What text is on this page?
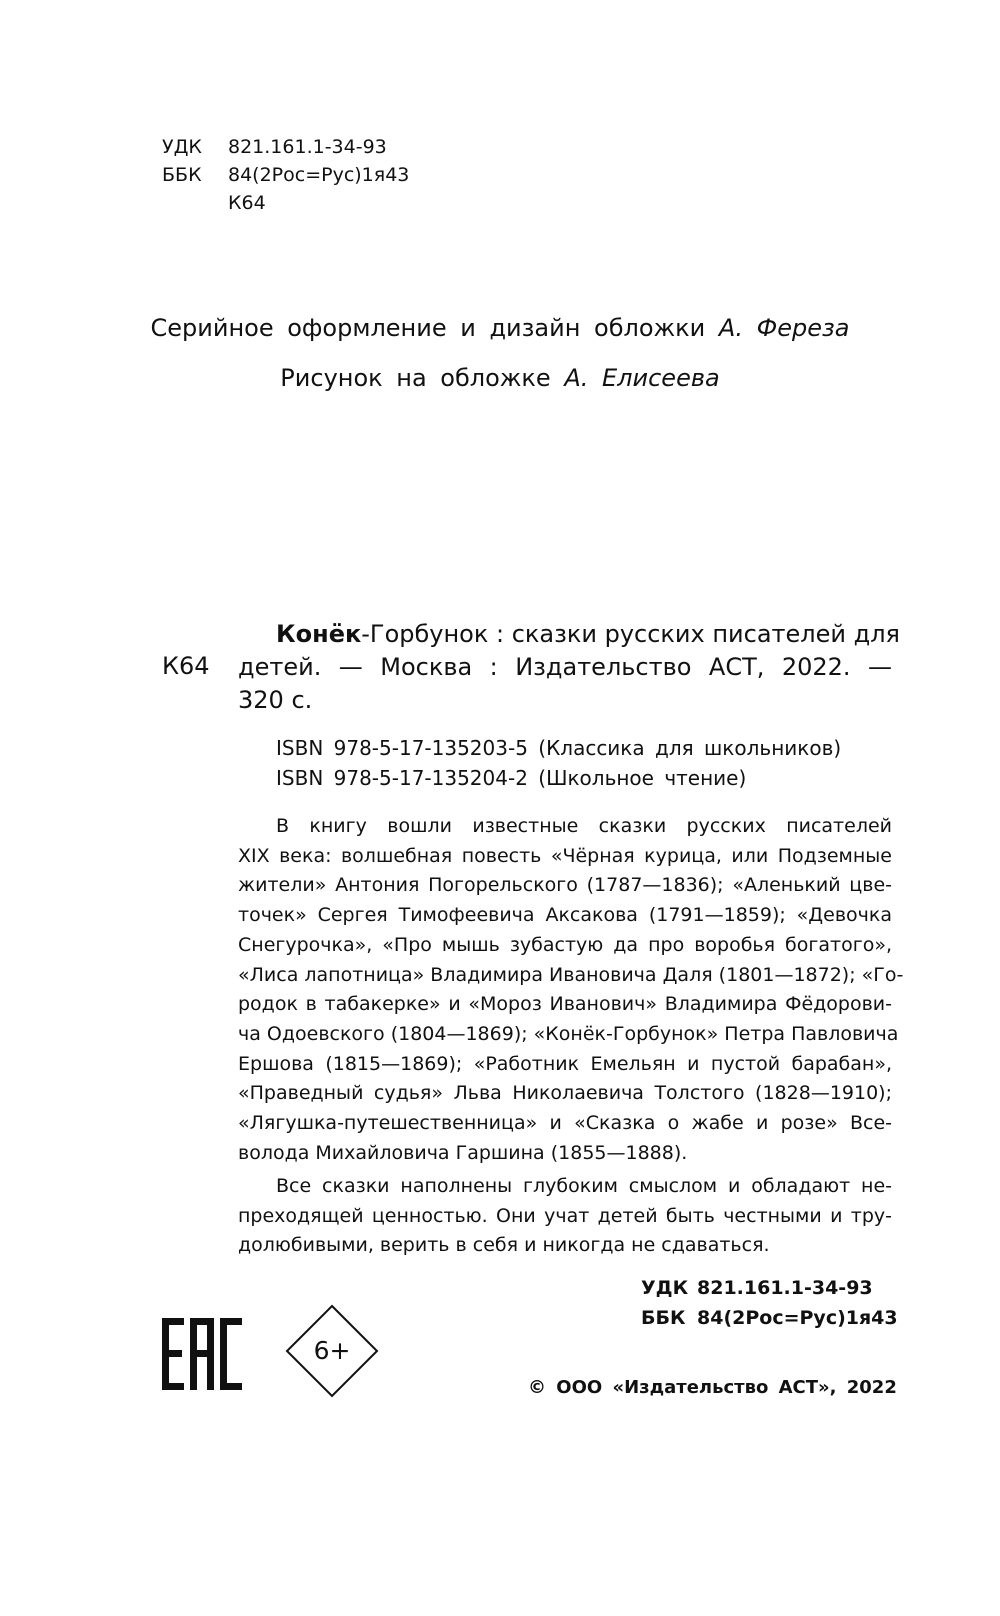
УДК 821.161.1-34-93
ББК 84(2Рос=Рус)1я43
К64
Серийное оформление и дизайн обложки А. Фереза
Рисунок на обложке А. Елисеева
К64
Конёк-Горбунок : сказки русских писателей для
детей. — Москва : Издательство АСТ, 2022. —
320 с.
ISBN 978-5-17-135203-5 (Классика для школьников)
ISBN 978-5-17-135204-2 (Школьное чтение)
В книгу вошли известные сказки русских писателей
XIX века: волшебная повесть «Чёрная курица, или Подземные
жители» Антония Погорельского (1787—1836); «Аленький цве-
точек» Сергея Тимофеевича Аксакова (1791—1859); «Девочка
Снегурочка», «Про мышь зубастую да про воробья богатого»,
«Лиса лапотница» Владимира Ивановича Даля (1801—1872); «Го-
родок в табакерке» и «Мороз Иванович» Владимира Фёдорови-
ча Одоевского (1804—1869); «Конёк-Горбунок» Петра Павловича
Ершова (1815—1869); «Работник Емельян и пустой барабан»,
«Праведный судья» Льва Николаевича Толстого (1828—1910);
«Лягушка-путешественница» и «Сказка о жабе и розе» Все-
волода Михайловича Гаршина (1855—1888).
Все сказки наполнены глубоким смыслом и обладают не-
преходящей ценностью. Они учат детей быть честными и тру-
долюбивыми, верить в себя и никогда не сдаваться.
УДК 821.161.1-34-93
ББК 84(2Рос=Рус)1я43
6+
© ООО «Издательство АСТ», 2022
